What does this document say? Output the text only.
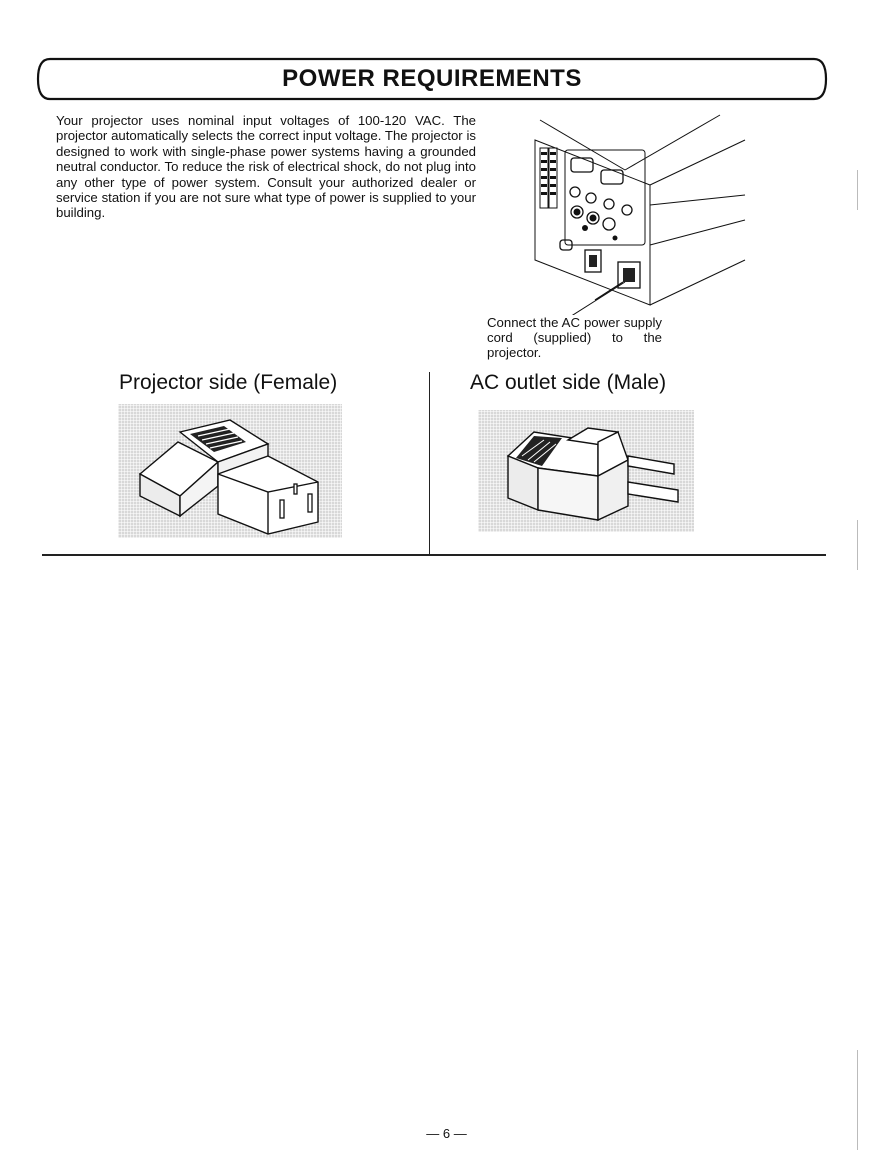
POWER REQUIREMENTS

Your projector uses nominal input voltages of 100-120 VAC. The projector automatically selects the correct input voltage. The projector is designed to work with single-phase power systems having a grounded neutral conductor. To reduce the risk of electrical shock, do not plug into any other type of power system. Consult your authorized dealer or service station if you are not sure what type of power is supplied to your building.

Connect the AC power supply cord (supplied) to the projector.
Projector side (Female)	AC outlet side (Male)
— 6 —
